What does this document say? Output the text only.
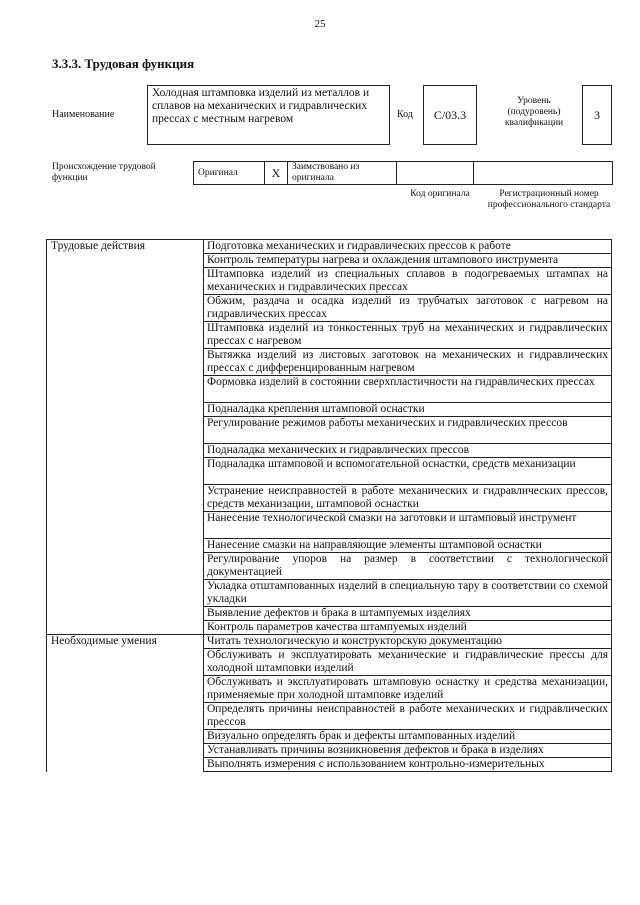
25
3.3.3. Трудовая функция
Наименование
Холодная штамповка изделий из металлов и сплавов на механических и гидравлических прессах с местным нагревом	Код	C/03.3
Уровень (подуровень) квалификации
3
Происхождение трудовой функции
Оригинал	X	Заимствовано из оригинала		
Код оригинала	Регистрационный номер профессионального стандарта
Трудовые действия	Подготовка механических и гидравлических прессов к работе
	Контроль температуры нагрева и охлаждения штампового инструмента
	Штамповка изделий из специальных сплавов в подогреваемых штампах на механических и гидравлических прессах
	Обжим, раздача и осадка изделий из трубчатых заготовок с нагревом на гидравлических прессах
	Штамповка изделий из тонкостенных труб на механических и гидравлических прессах с нагревом
	Вытяжка изделий из листовых заготовок на механических и гидравлических прессах с дифференцированным нагревом
	Формовка изделий в состоянии сверхпластичности на гидравлических прессах
	Подналадка крепления штамповой оснастки
	Регулирование режимов работы механических и гидравлических прессов
	Подналадка механических и гидравлических прессов
	Подналадка штамповой и вспомогательной оснастки, средств механизации
	Устранение неисправностей в работе механических и гидравлических прессов, средств механизации, штамповой оснастки
	Нанесение технологической смазки на заготовки и штамповый инструмент
	Нанесение смазки на направляющие элементы штамповой оснастки
	Регулирование упоров на размер в соответствии с технологической документацией
	Укладка отштампованных изделий в специальную тару в соответствии со схемой укладки
	Выявление дефектов и брака в штампуемых изделиях
	Контроль параметров качества штампуемых изделий
Необходимые умения	Читать технологическую и конструкторскую документацию
	Обслуживать и эксплуатировать механические и гидравлические прессы для холодной штамповки изделий
	Обслуживать и эксплуатировать штамповую оснастку и средства механизации, применяемые при холодной штамповке изделий
	Определять причины неисправностей в работе механических и гидравлических прессов
	Визуально определять брак и дефекты штампованных изделий
	Устанавливать причины возникновения дефектов и брака в изделиях
	Выполнять измерения с использованием контрольно-измерительных
